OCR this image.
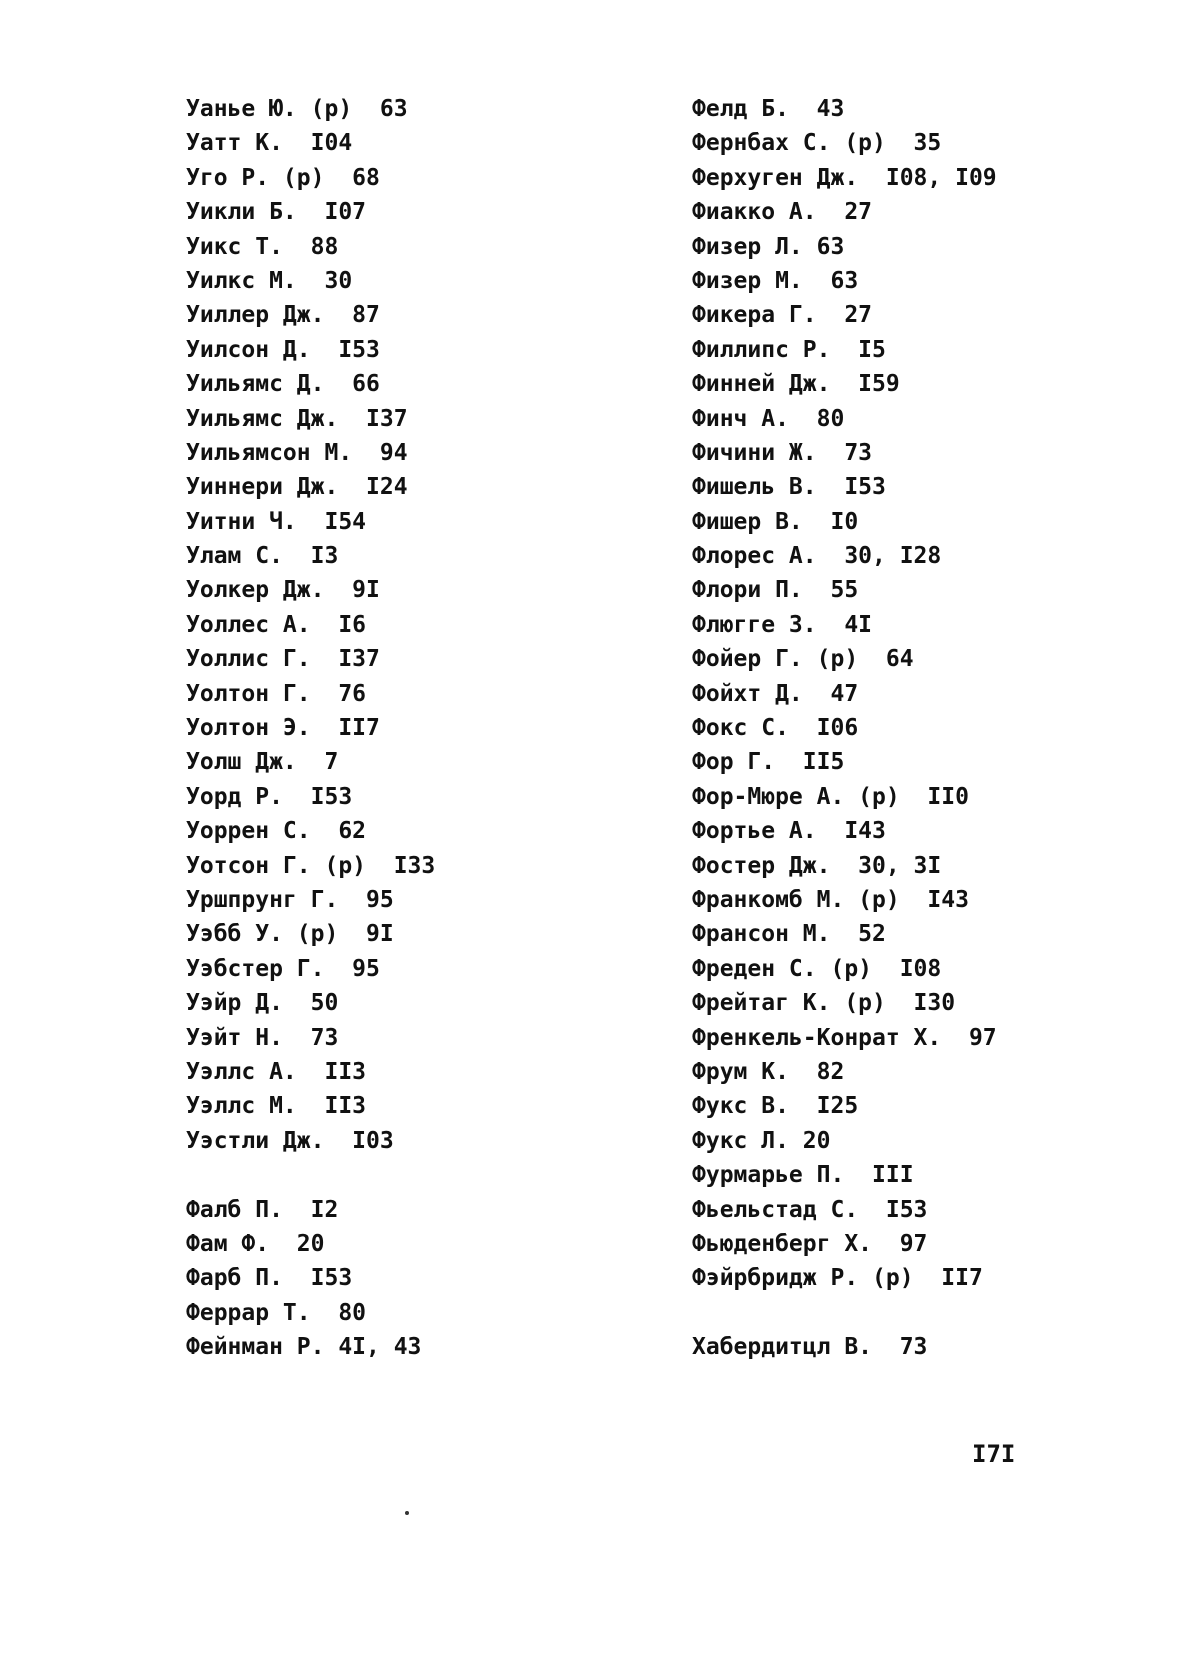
Уанье Ю. (р)  63
Уатт К.  I04
Уго Р. (р)  68
Уикли Б.  I07
Уикс Т.  88
Уилкс М.  30
Уиллер Дж.  87
Уилсон Д.  I53
Уильямс Д.  66
Уильямс Дж.  I37
Уильямсон М.  94
Уиннери Дж.  I24
Уитни Ч.  I54
Улам С.  I3
Уолкер Дж.  9I
Уоллес А.  I6
Уоллис Г.  I37
Уолтон Г.  76
Уолтон Э.  II7
Уолш Дж.  7
Уорд Р.  I53
Уоррен С.  62
Уотсон Г. (р)  I33
Уршпрунг Г.  95
Уэбб У. (р)  9I
Уэбстер Г.  95
Уэйр Д.  50
Уэйт Н.  73
Уэллс А.  II3
Уэллс М.  II3
Уэстли Дж.  I03
Фалб П.  I2
Фам Ф.  20
Фарб П.  I53
Феррар Т.  80
Фейнман Р. 4I, 43
Фелд Б.  43
Фернбах С. (р)  35
Ферхуген Дж.  I08, I09
Фиакко А.  27
Физер Л. 63
Физер М.  63
Фикера Г.  27
Филлипс Р.  I5
Финней Дж.  I59
Финч А.  80
Фичини Ж.  73
Фишель В.  I53
Фишер В.  I0
Флорес А.  30, I28
Флори П.  55
Флюгге З.  4I
Фойер Г. (р)  64
Фойхт Д.  47
Фокс С.  I06
Фор Г.  II5
Фор-Мюре А. (р)  II0
Фортье А.  I43
Фостер Дж.  30, 3I
Франкомб М. (р)  I43
Франсон М.  52
Фреден С. (р)  I08
Фрейтаг К. (р)  I30
Френкель-Конрат Х.  97
Фрум К.  82
Фукс В.  I25
Фукс Л. 20
Фурмарье П.  III
Фьельстад С.  I53
Фьюденберг Х.  97
Фэйрбридж Р. (р)  II7
Хабердитцл В.  73
I7I
